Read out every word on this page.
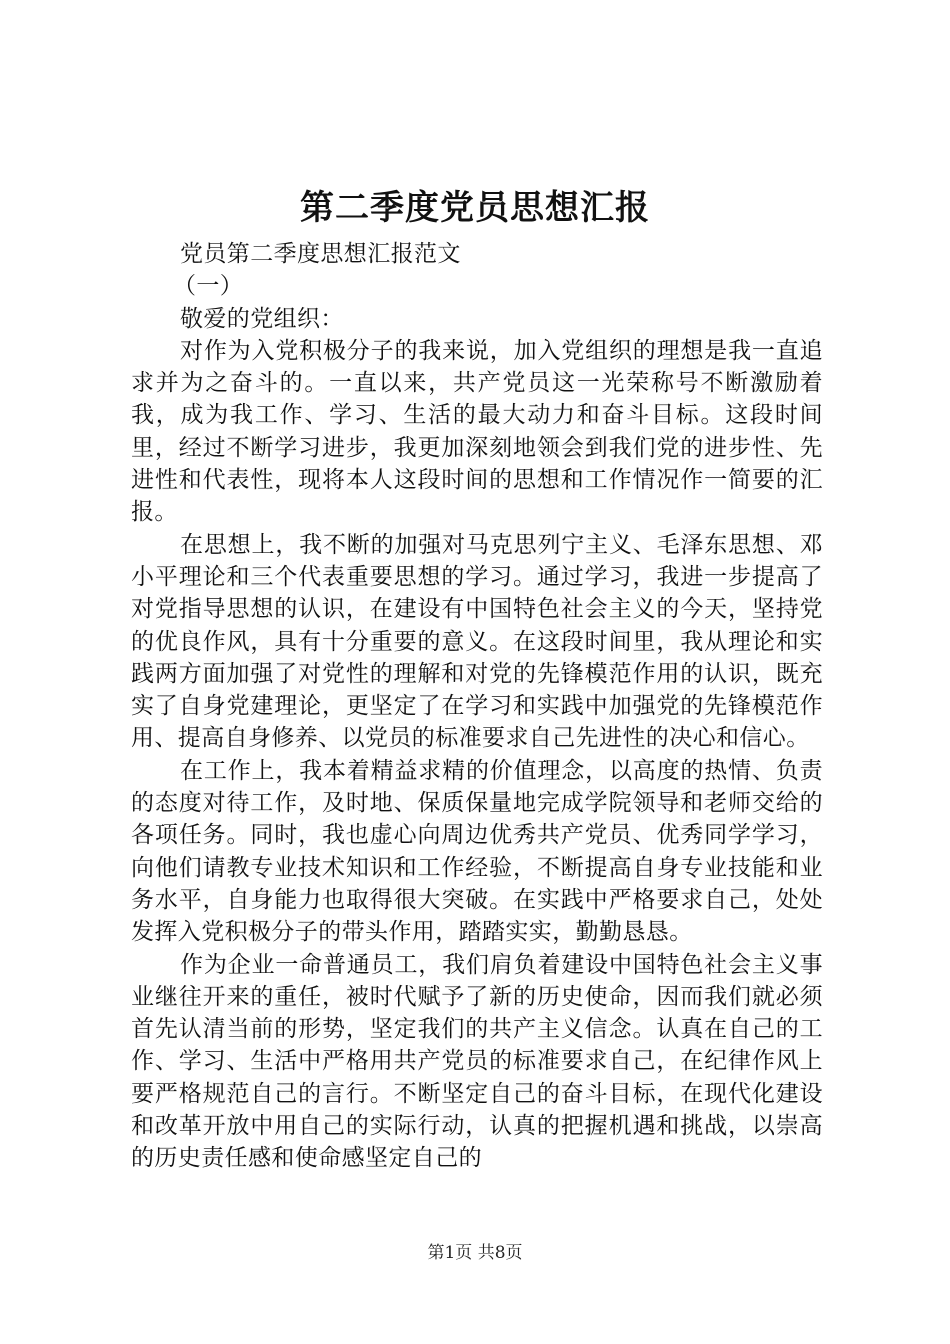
第二季度党员思想汇报

党员第二季度思想汇报范文

（一）

敬爱的党组织：

对作为入党积极分子的我来说，加入党组织的理想是我一直追求并为之奋斗的。一直以来，共产党员这一光荣称号不断激励着我，成为我工作、学习、生活的最大动力和奋斗目标。这段时间里，经过不断学习进步，我更加深刻地领会到我们党的进步性、先进性和代表性，现将本人这段时间的思想和工作情况作一简要的汇报。

在思想上，我不断的加强对马克思列宁主义、毛泽东思想、邓小平理论和三个代表重要思想的学习。通过学习，我进一步提高了对党指导思想的认识，在建设有中国特色社会主义的今天，坚持党的优良作风，具有十分重要的意义。在这段时间里，我从理论和实践两方面加强了对党性的理解和对党的先锋模范作用的认识，既充实了自身党建理论，更坚定了在学习和实践中加强党的先锋模范作用、提高自身修养、以党员的标准要求自己先进性的决心和信心。

在工作上，我本着精益求精的价值理念，以高度的热情、负责的态度对待工作，及时地、保质保量地完成学院领导和老师交给的各项任务。同时，我也虚心向周边优秀共产党员、优秀同学学习，向他们请教专业技术知识和工作经验，不断提高自身专业技能和业务水平，自身能力也取得很大突破。在实践中严格要求自己，处处发挥入党积极分子的带头作用，踏踏实实，勤勤恳恳。

作为企业一命普通员工，我们肩负着建设中国特色社会主义事业继往开来的重任，被时代赋予了新的历史使命，因而我们就必须首先认清当前的形势，坚定我们的共产主义信念。认真在自己的工作、学习、生活中严格用共产党员的标准要求自己，在纪律作风上要严格规范自己的言行。不断坚定自己的奋斗目标，在现代化建设和改革开放中用自己的实际行动，认真的把握机遇和挑战，以崇高的历史责任感和使命感坚定自己的

第1页 共8页
